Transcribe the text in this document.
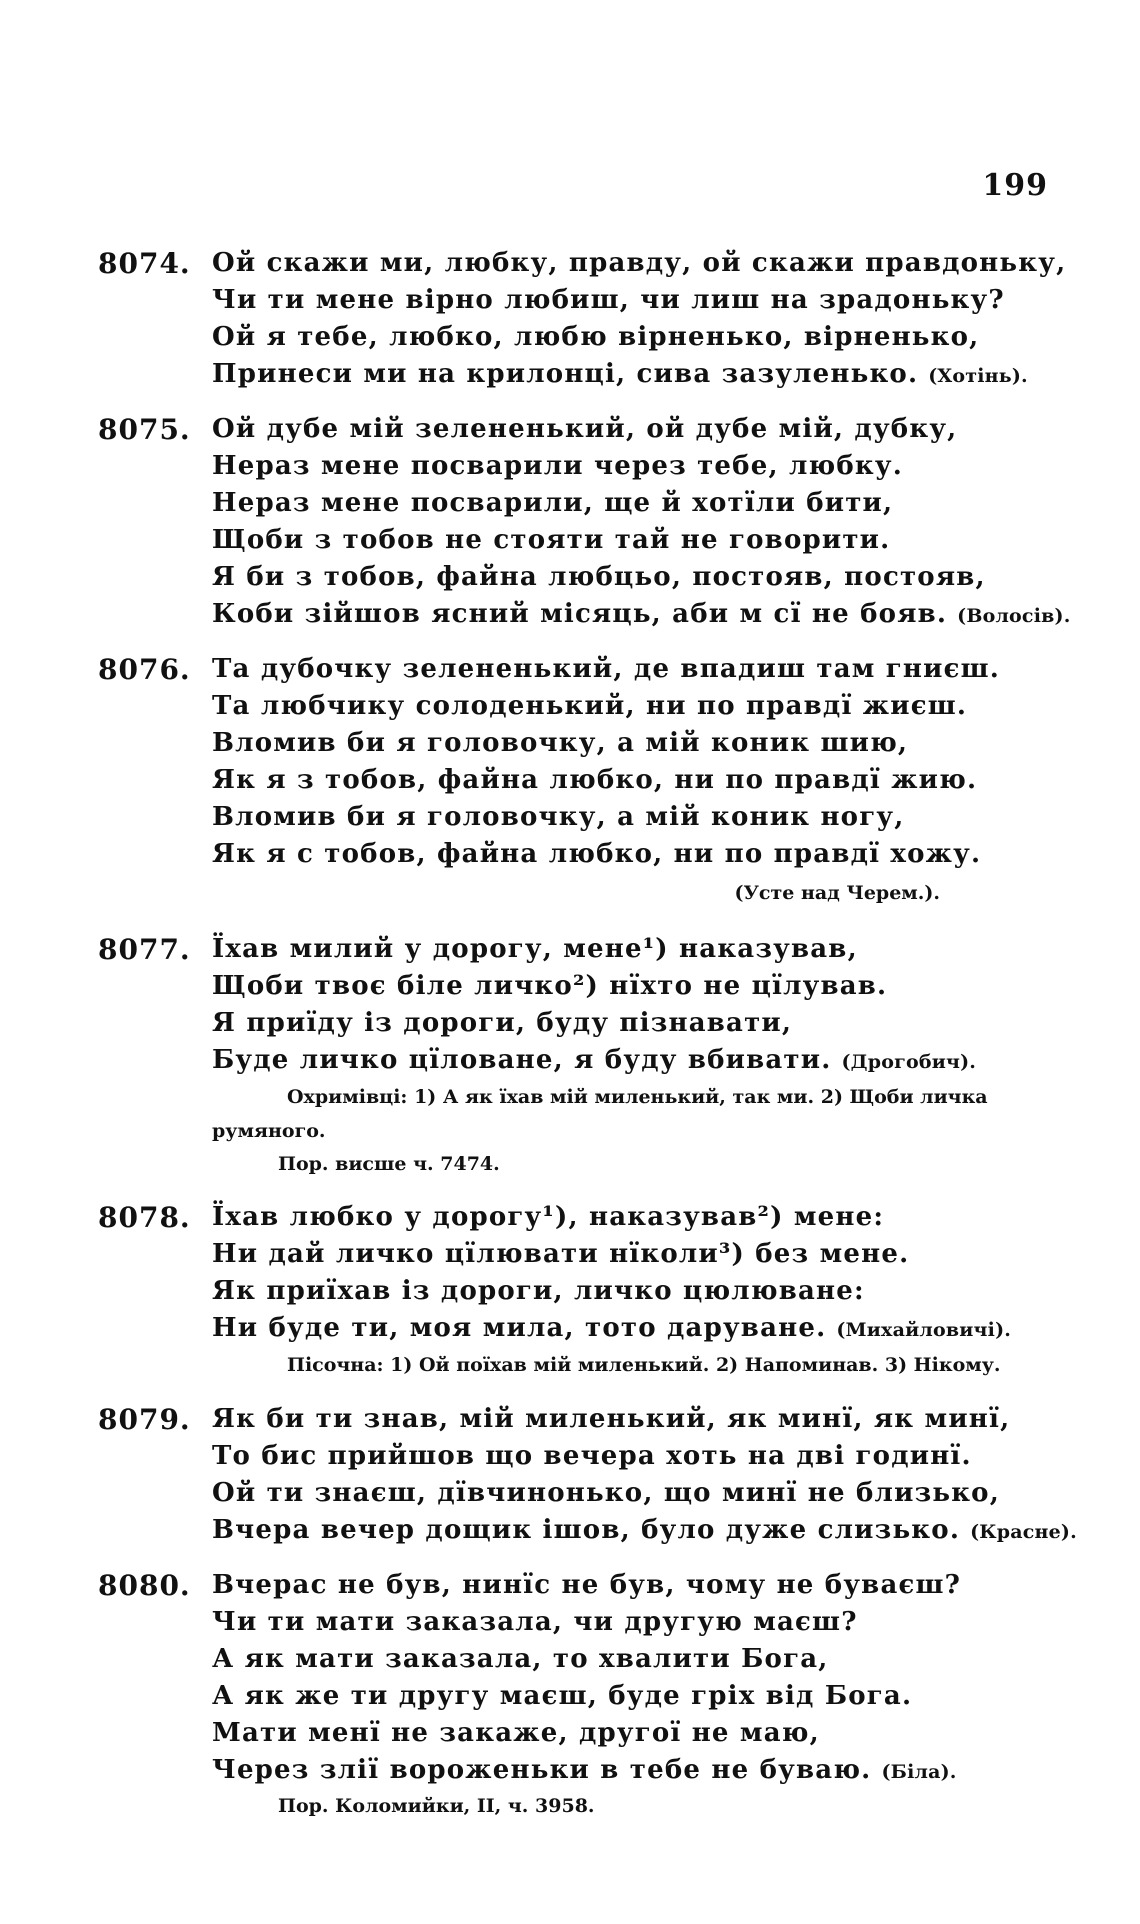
199
8074. Ой скажи ми, любку, правду, ой скажи правдоньку,
Чи ти мене вірно любиш, чи лиш на зрадоньку?
Ой я тебе, любко, любю вірненько, вірненько,
Принеси ми на крилонці, сива зазуленько. (Хотінь).
8075. Ой дубе мій зелененький, ой дубе мій, дубку,
Нераз мене посварили через тебе, любку.
Нераз мене посварили, ще й хотїли бити,
Щоби з тобов не стояти тай не говорити.
Я би з тобов, файна любцьо, постояв, постояв,
Коби зійшов ясний місяць, аби м сї не бояв. (Волосів).
8076. Та дубочку зелененький, де впадиш там гниєш.
Та любчику солоденький, ни по правдї жиєш.
Вломив би я головочку, а мій коник шию,
Як я з тобов, файна любко, ни по правдї жию.
Вломив би я головочку, а мій коник ногу,
Як я с тобов, файна любко, ни по правдї хожу.
(Усте над Черем.).
8077. Їхав милий у дорогу, мене¹) наказував,
Щоби твоє біле личко²) нїхто не цїлував.
Я приїду із дороги, буду пізнавати,
Буде личко цїловане, я буду вбивати. (Дрогобич).
Охримівці: 1) А як їхав мій миленький, так ми. 2) Щоби личка
румяного.
Пор. висше ч. 7474.
8078. Їхав любко у дорогу¹), наказував²) мене:
Ни дай личко цїлювати нїколи³) без мене.
Як приїхав із дороги, личко цюлюване:
Ни буде ти, моя мила, тото даруване. (Михайловичі).
Пісочна: 1) Ой поїхав мій миленький. 2) Напоминав. 3) Нікому.
8079. Як би ти знав, мій миленький, як минї, як минї,
То бис прийшов що вечера хоть на дві годинї.
Ой ти знаєш, дївчинонько, що минї не близько,
Вчера вечер дощик ішов, було дуже слизько. (Красне).
8080. Вчерас не був, нинїс не був, чому не буваєш?
Чи ти мати заказала, чи другую маєш?
А як мати заказала, то хвалити Бога,
А як же ти другу маєш, буде гріх від Бога.
Мати менї не закаже, другої не маю,
Через злії вороженьки в тебе не буваю. (Біла).
Пор. Коломийки, II, ч. 3958.
